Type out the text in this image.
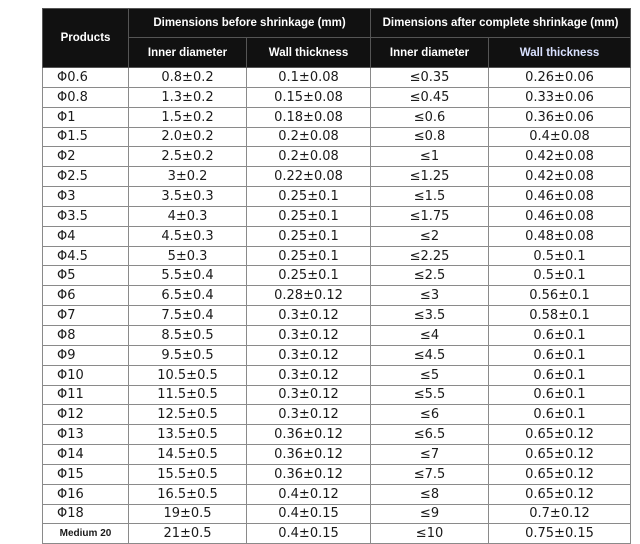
Products	Dimensions before shrinkage (mm)		Dimensions after complete shrinkage (mm)	
	Inner diameter	Wall thickness	Inner diameter	Wall thickness
Φ0.6	0.8±0.2	0.1±0.08	≤0.35	0.26±0.06
Φ0.8	1.3±0.2	0.15±0.08	≤0.45	0.33±0.06
Φ1	1.5±0.2	0.18±0.08	≤0.6	0.36±0.06
Φ1.5	2.0±0.2	0.2±0.08	≤0.8	0.4±0.08
Φ2	2.5±0.2	0.2±0.08	≤1	0.42±0.08
Φ2.5	3±0.2	0.22±0.08	≤1.25	0.42±0.08
Φ3	3.5±0.3	0.25±0.1	≤1.5	0.46±0.08
Φ3.5	4±0.3	0.25±0.1	≤1.75	0.46±0.08
Φ4	4.5±0.3	0.25±0.1	≤2	0.48±0.08
Φ4.5	5±0.3	0.25±0.1	≤2.25	0.5±0.1
Φ5	5.5±0.4	0.25±0.1	≤2.5	0.5±0.1
Φ6	6.5±0.4	0.28±0.12	≤3	0.56±0.1
Φ7	7.5±0.4	0.3±0.12	≤3.5	0.58±0.1
Φ8	8.5±0.5	0.3±0.12	≤4	0.6±0.1
Φ9	9.5±0.5	0.3±0.12	≤4.5	0.6±0.1
Φ10	10.5±0.5	0.3±0.12	≤5	0.6±0.1
Φ11	11.5±0.5	0.3±0.12	≤5.5	0.6±0.1
Φ12	12.5±0.5	0.3±0.12	≤6	0.6±0.1
Φ13	13.5±0.5	0.36±0.12	≤6.5	0.65±0.12
Φ14	14.5±0.5	0.36±0.12	≤7	0.65±0.12
Φ15	15.5±0.5	0.36±0.12	≤7.5	0.65±0.12
Φ16	16.5±0.5	0.4±0.12	≤8	0.65±0.12
Φ18	19±0.5	0.4±0.15	≤9	0.7±0.12
Medium 20	21±0.5	0.4±0.15	≤10	0.75±0.15
